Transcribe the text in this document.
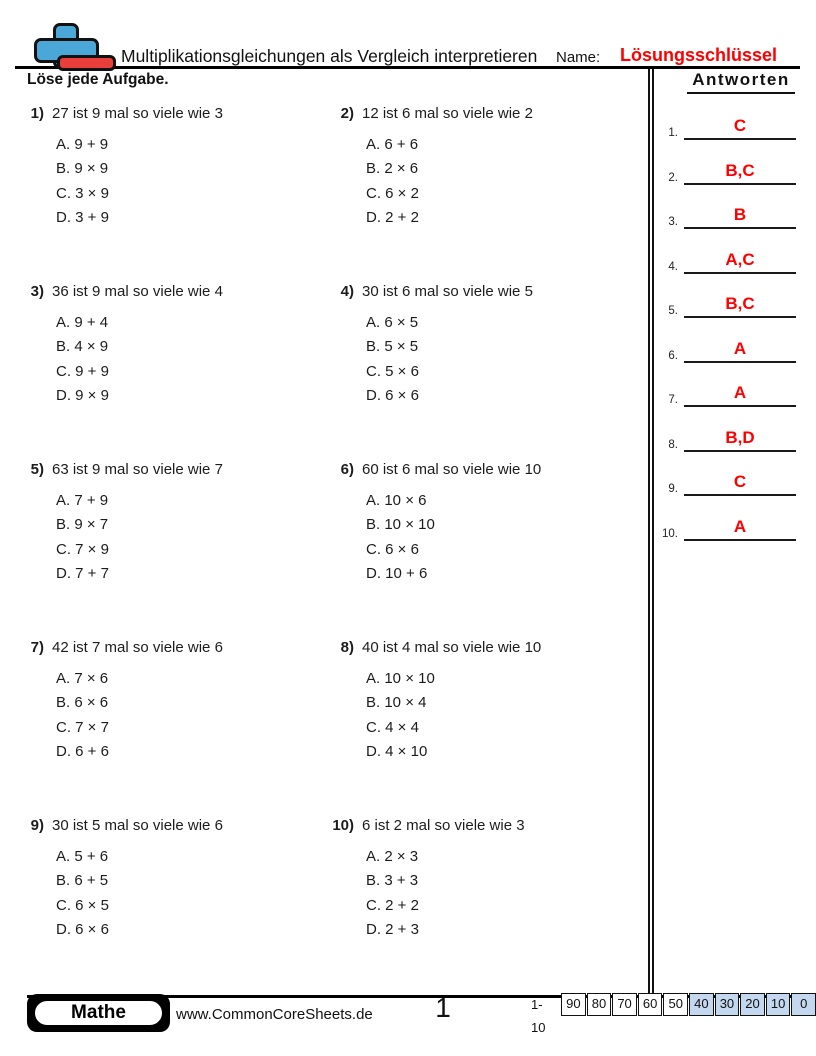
Multiplikationsgleichungen als Vergleich interpretieren Name: Lösungsschlüssel
Löse jede Aufgabe.	Antworten
1.	C
2.	B,C
3.	B
4.	A,C
5.	B,C
6.	A
7.	A
8.	B,D
9.	C
10.	A
1) 27 ist 9 mal so viele wie 3
A. 9 + 9
B. 9 × 9
C. 3 × 9
D. 3 + 9
2) 12 ist 6 mal so viele wie 2
A. 6 + 6
B. 2 × 6
C. 6 × 2
D. 2 + 2
3) 36 ist 9 mal so viele wie 4
A. 9 + 4
B. 4 × 9
C. 9 + 9
D. 9 × 9
4) 30 ist 6 mal so viele wie 5
A. 6 × 5
B. 5 × 5
C. 5 × 6
D. 6 × 6
5) 63 ist 9 mal so viele wie 7
A. 7 + 9
B. 9 × 7
C. 7 × 9
D. 7 + 7
6) 60 ist 6 mal so viele wie 10
A. 10 × 6
B. 10 × 10
C. 6 × 6
D. 10 + 6
7) 42 ist 7 mal so viele wie 6
A. 7 × 6
B. 6 × 6
C. 7 × 7
D. 6 + 6
8) 40 ist 4 mal so viele wie 10
A. 10 × 10
B. 10 × 4
C. 4 × 4
D. 4 × 10
9) 30 ist 5 mal so viele wie 6
A. 5 + 6
B. 6 + 5
C. 6 × 5
D. 6 × 6
10) 6 ist 2 mal so viele wie 3
A. 2 × 3
B. 3 + 3
C. 2 + 2
D. 2 + 3
Mathe	www.CommonCoreSheets.de	1	1-10
90 80 70 60 50 40 30 20 10	0
